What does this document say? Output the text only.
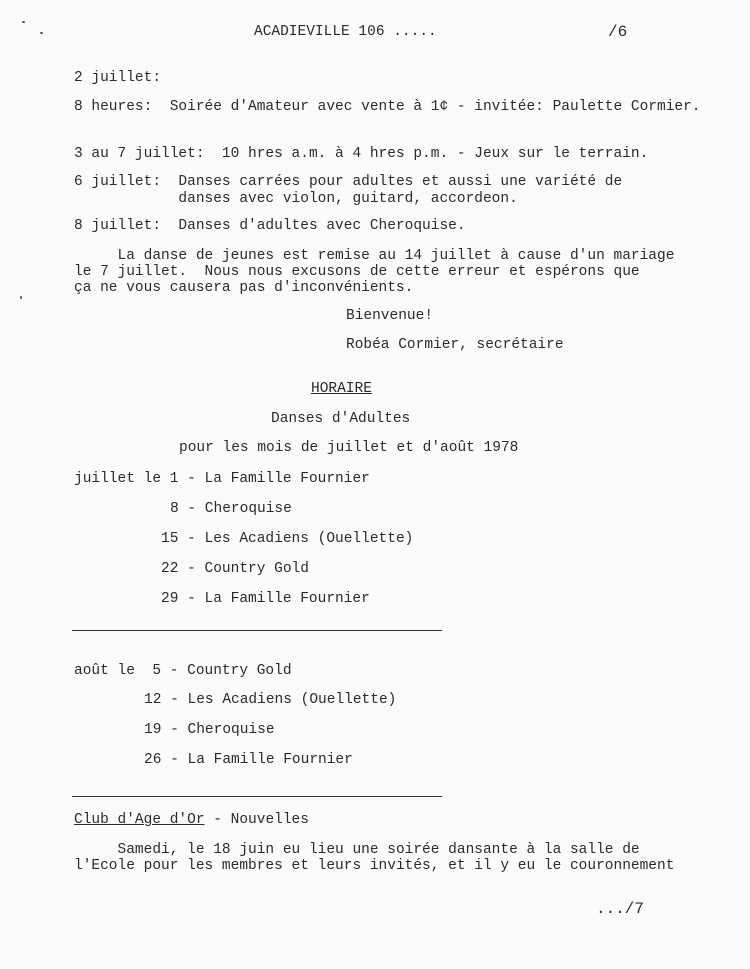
ACADIEVILLE 106 .....	/6
2 juillet:
8 heures:  Soirée d'Amateur avec vente à 1¢ - invitée: Paulette Cormier.
3 au 7 juillet:  10 hres a.m. à 4 hres p.m. - Jeux sur le terrain.
6 juillet:  Danses carrées pour adultes et aussi une variété de
danses avec violon, guitard, accordeon.
8 juillet:  Danses d'adultes avec Cheroquise.
La danse de jeunes est remise au 14 juillet à cause d'un mariage
le 7 juillet.  Nous nous excusons de cette erreur et espérons que
ça ne vous causera pas d'inconvénients.
Bienvenue!
Robéa Cormier, secrétaire
HORAIRE
Danses d'Adultes
pour les mois de juillet et d'août 1978
juillet le 1 - La Famille Fournier
8 - Cheroquise
15 - Les Acadiens (Ouellette)
22 - Country Gold
29 - La Famille Fournier
août le  5 - Country Gold
12 - Les Acadiens (Ouellette)
19 - Cheroquise
26 - La Famille Fournier
Club d'Age d'Or - Nouvelles
Samedi, le 18 juin eu lieu une soirée dansante à la salle de
l'Ecole pour les membres et leurs invités, et il y eu le couronnement
.../7
